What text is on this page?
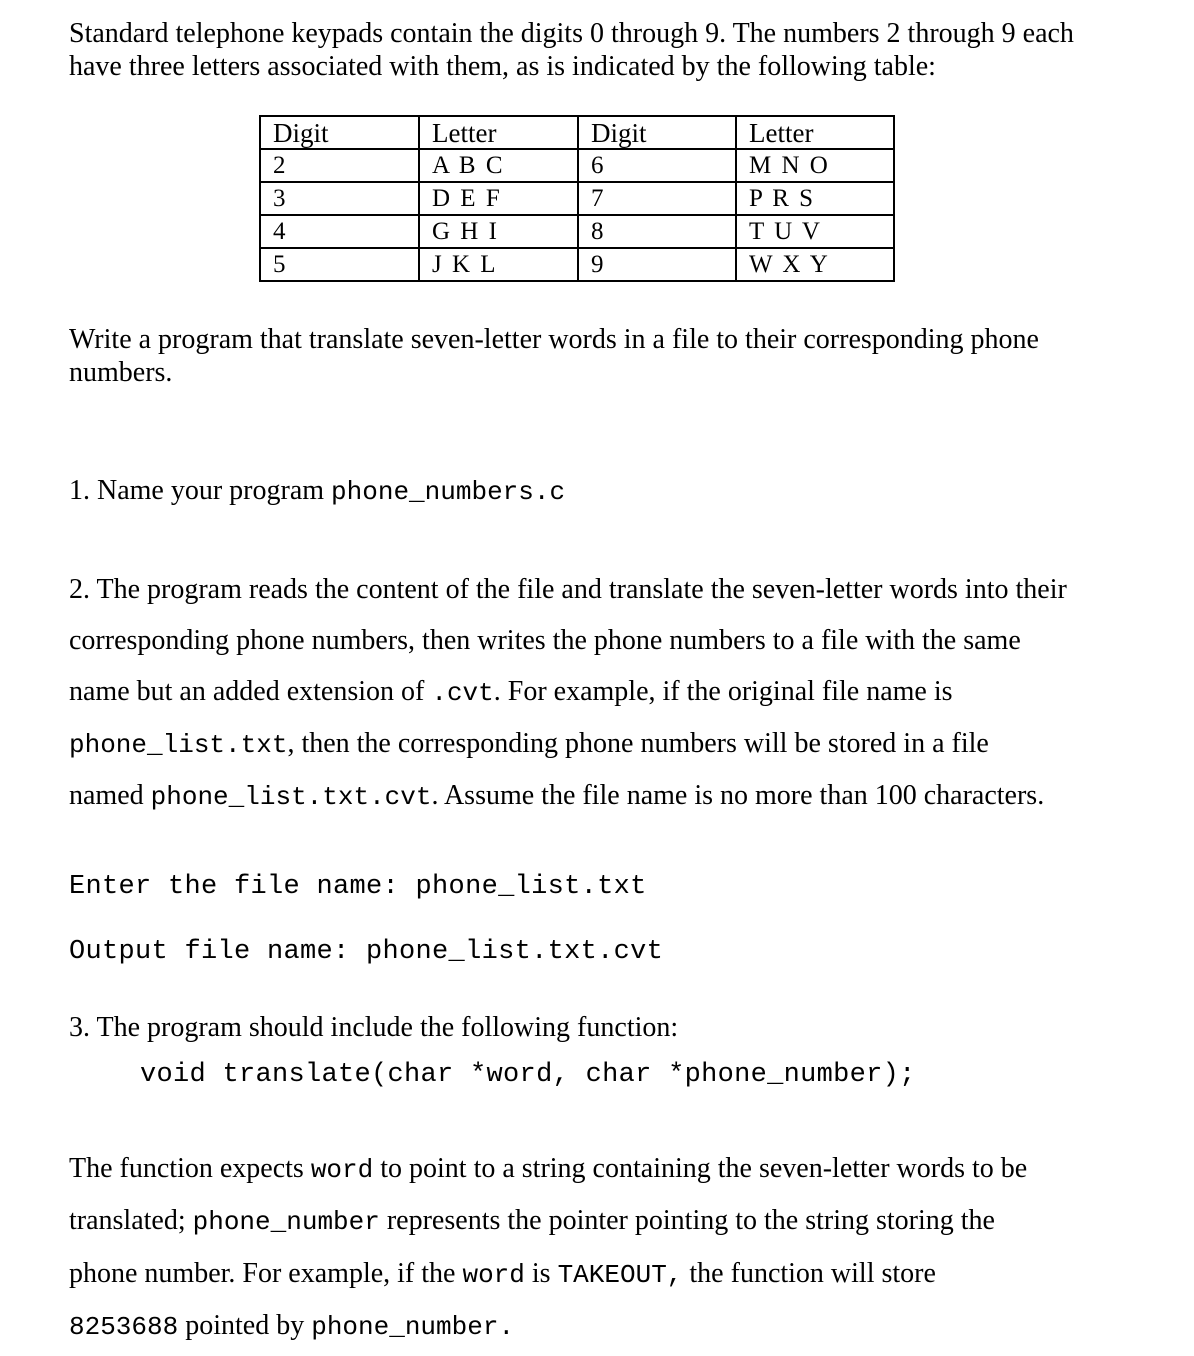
Standard telephone keypads contain the digits 0 through 9. The numbers 2 through 9 each
have three letters associated with them, as is indicated by the following table:
Digit	Letter	Digit	Letter
2	A B C	6	M N O
3	D E F	7	P R S
4	G H I	8	T U V
5	J K L	9	W X Y
Write a program that translate seven-letter words in a file to their corresponding phone
numbers.
1. Name your program phone_numbers.c
2. The program reads the content of the file and translate the seven-letter words into their
corresponding phone numbers, then writes the phone numbers to a file with the same
name but an added extension of .cvt. For example, if the original file name is
phone_list.txt, then the corresponding phone numbers will be stored in a file
named phone_list.txt.cvt. Assume the file name is no more than 100 characters.
Enter the file name: phone_list.txt
Output file name: phone_list.txt.cvt
3. The program should include the following function:
void translate(char *word, char *phone_number);
The function expects word to point to a string containing the seven-letter words to be
translated; phone_number represents the pointer pointing to the string storing the
phone number. For example, if the word is TAKEOUT, the function will store
8253688 pointed by phone_number.
